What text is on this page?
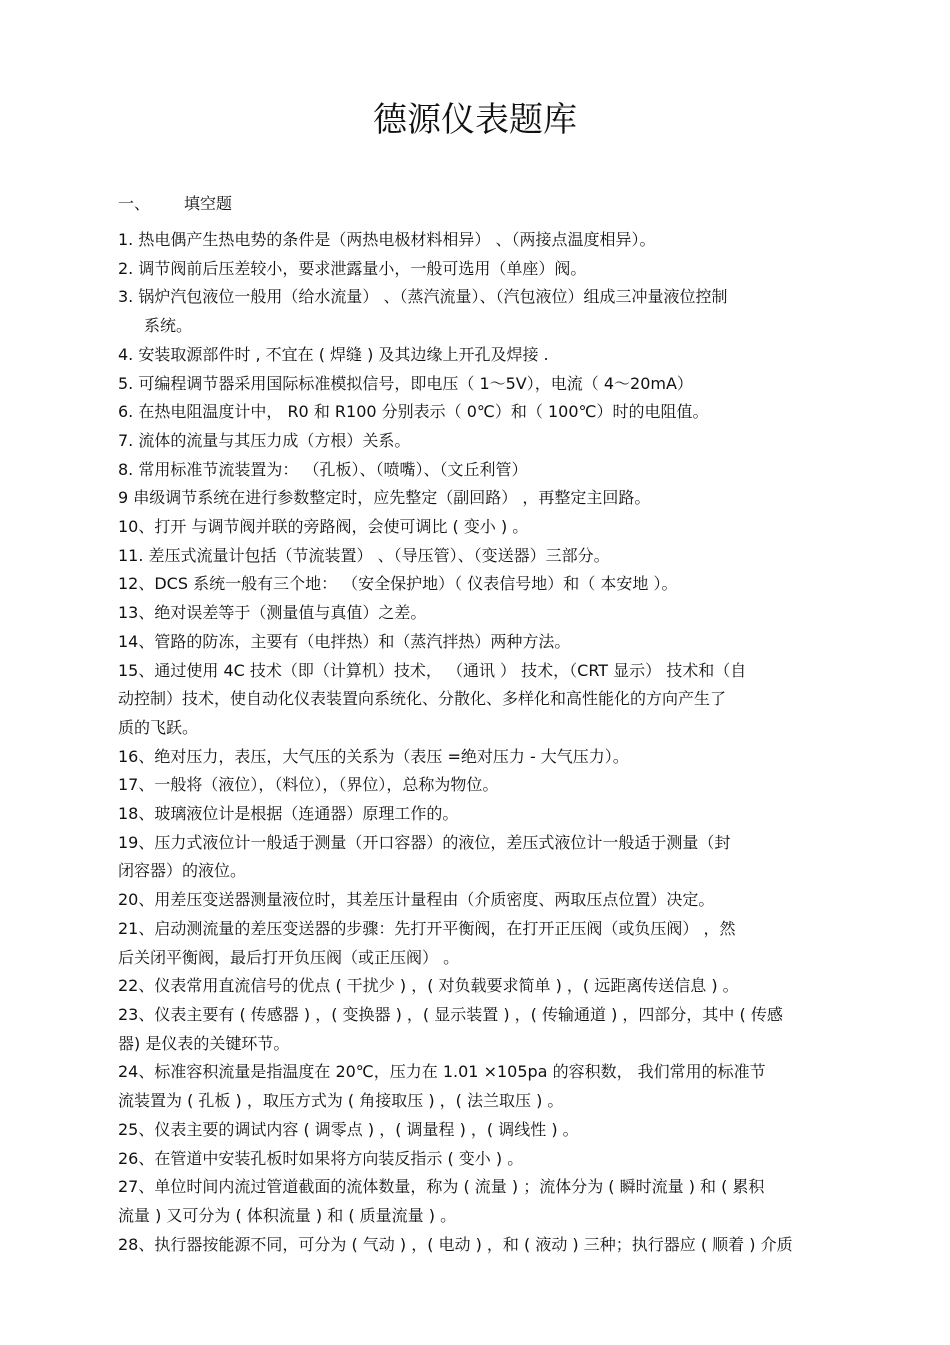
德源仪表题库
一、 填空题
1. 热电偶产生热电势的条件是（两热电极材料相异） 、（两接点温度相异）。
2. 调节阀前后压差较小，要求泄露量小，一般可选用（单座）阀。
3. 锅炉汽包液位一般用（给水流量） 、（蒸汽流量）、（汽包液位）组成三冲量液位控制
系统。
4. 安装取源部件时 , 不宜在 ( 焊缝 ) 及其边缘上开孔及焊接 .
5. 可编程调节器采用国际标准模拟信号，即电压（ 1～5V），电流（ 4～20mA）
6. 在热电阻温度计中， R0 和 R100 分别表示（ 0℃）和（ 100℃）时的电阻值。
7. 流体的流量与其压力成（方根）关系。
8. 常用标准节流装置为： （孔板）、（喷嘴）、（文丘利管）
9 串级调节系统在进行参数整定时，应先整定（副回路） ，再整定主回路。
10、打开 与调节阀并联的旁路阀，会使可调比 ( 变小 ) 。
11. 差压式流量计包括（节流装置） 、（导压管）、（变送器）三部分。
12、DCS 系统一般有三个地： （安全保护地）（ 仪表信号地）和（ 本安地 ）。
13、绝对误差等于（测量值与真值）之差。
14、管路的防冻，主要有（电拌热）和（蒸汽拌热）两种方法。
15、通过使用 4C 技术（即（计算机）技术， （通讯 ） 技术，（CRT 显示） 技术和（自
动控制）技术，使自动化仪表装置向系统化、分散化、多样化和高性能化的方向产生了
质的飞跃。
16、绝对压力，表压，大气压的关系为（表压 =绝对压力 - 大气压力）。
17、一般将（液位），（料位），（界位），总称为物位。
18、玻璃液位计是根据（连通器）原理工作的。
19、压力式液位计一般适于测量（开口容器）的液位，差压式液位计一般适于测量（封
闭容器）的液位。
20、用差压变送器测量液位时，其差压计量程由（介质密度、两取压点位置）决定。
21、启动测流量的差压变送器的步骤：先打开平衡阀，在打开正压阀（或负压阀） ，然
后关闭平衡阀，最后打开负压阀（或正压阀） 。
22、仪表常用直流信号的优点 ( 干扰少 ) ，( 对负载要求简单 ) ，( 远距离传送信息 ) 。
23、仪表主要有 ( 传感器 ) ，( 变换器 ) ，( 显示装置 ) ，( 传输通道 ) ，四部分，其中 ( 传感
器) 是仪表的关键环节。
24、标准容积流量是指温度在 20℃，压力在 1.01 ×105pa 的容积数， 我们常用的标准节
流装置为 ( 孔板 ) ，取压方式为 ( 角接取压 ) ，( 法兰取压 ) 。
25、仪表主要的调试内容 ( 调零点 ) ，( 调量程 ) ，( 调线性 ) 。
26、在管道中安装孔板时如果将方向装反指示 ( 变小 ) 。
27、单位时间内流过管道截面的流体数量，称为 ( 流量 ) ；流体分为 ( 瞬时流量 ) 和 ( 累积
流量 ) 又可分为 ( 体积流量 ) 和 ( 质量流量 ) 。
28、执行器按能源不同，可分为 ( 气动 ) ，( 电动 ) ，和 ( 液动 ) 三种；执行器应 ( 顺着 ) 介质
